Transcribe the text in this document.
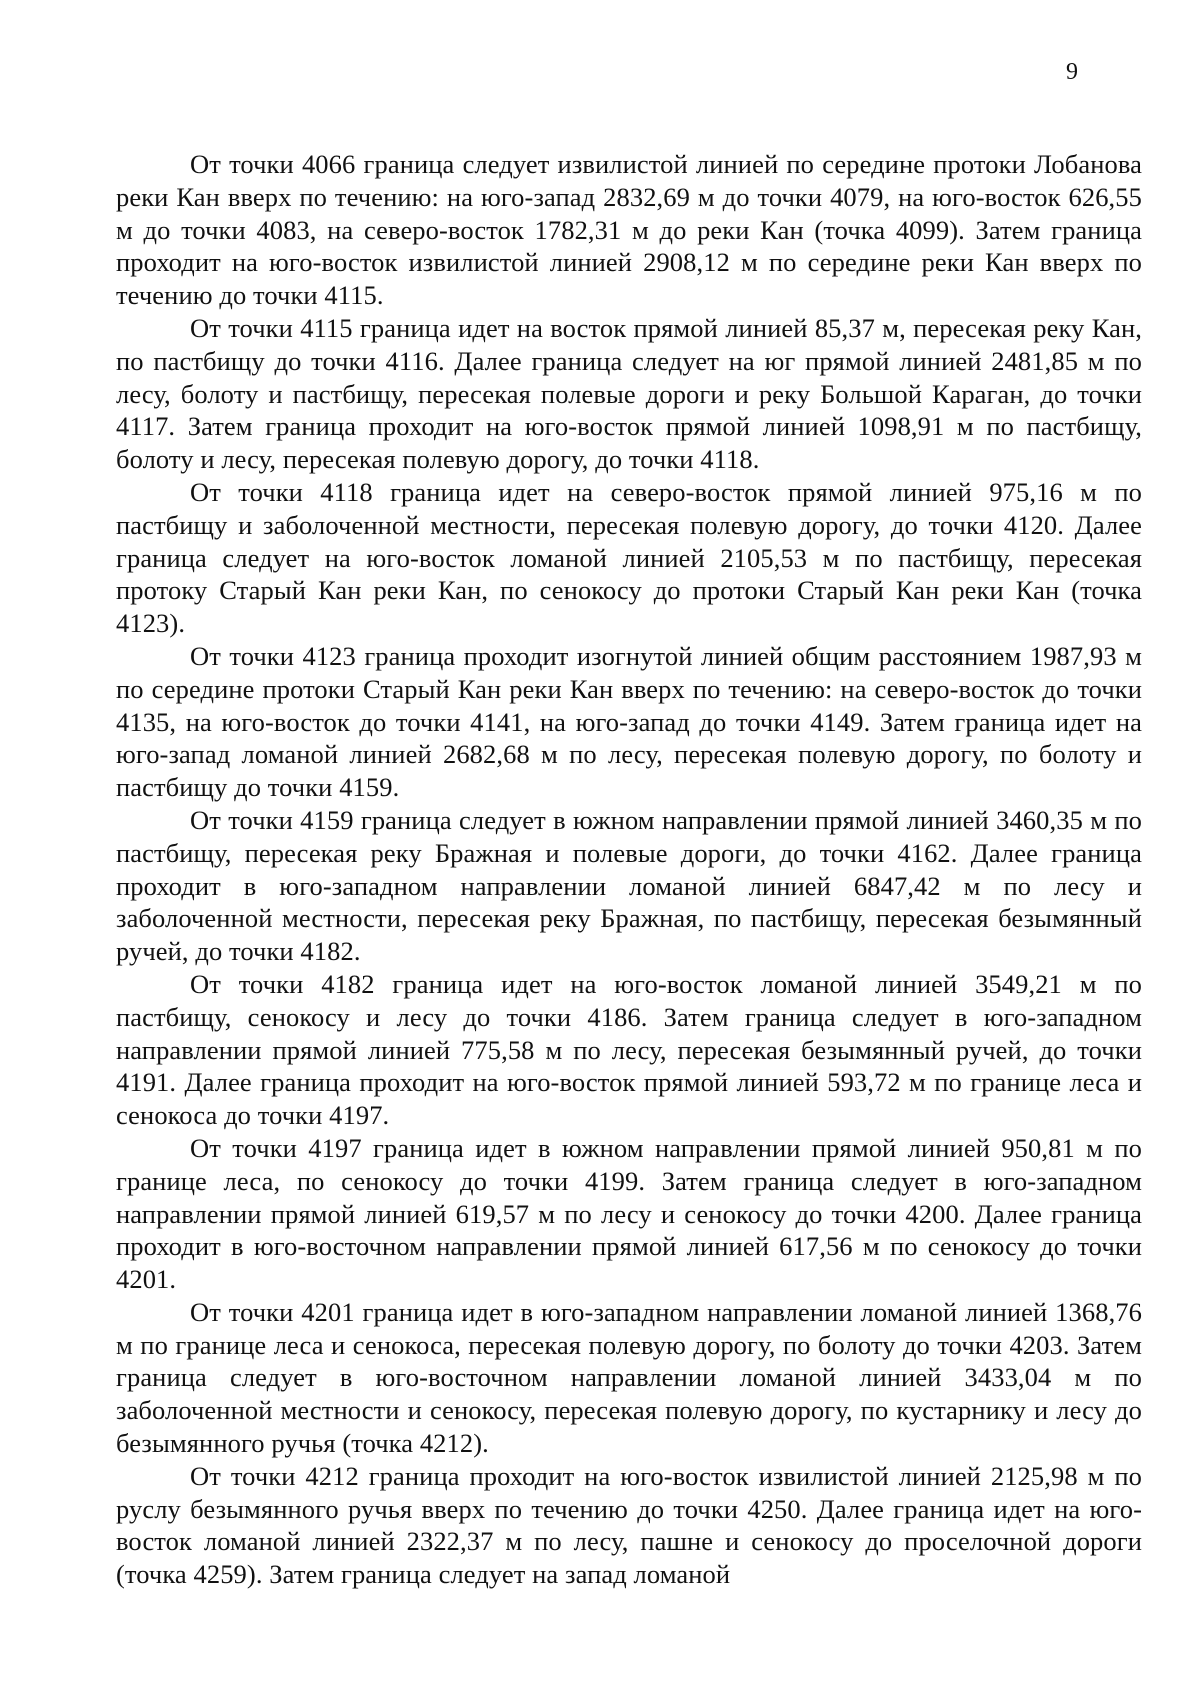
9

От точки 4066 граница следует извилистой линией по середине протоки Лобанова реки Кан вверх по течению: на юго-запад 2832,69 м до точки 4079, на юго-восток 626,55 м до точки 4083, на северо-восток 1782,31 м до реки Кан (точка 4099). Затем граница проходит на юго-восток извилистой линией 2908,12 м по середине реки Кан вверх по течению до точки 4115.

От точки 4115 граница идет на восток прямой линией 85,37 м, пересекая реку Кан, по пастбищу до точки 4116. Далее граница следует на юг прямой линией 2481,85 м по лесу, болоту и пастбищу, пересекая полевые дороги и реку Большой Караган, до точки 4117. Затем граница проходит на юго-восток прямой линией 1098,91 м по пастбищу, болоту и лесу, пересекая полевую дорогу, до точки 4118.

От точки 4118 граница идет на северо-восток прямой линией 975,16 м по пастбищу и заболоченной местности, пересекая полевую дорогу, до точки 4120. Далее граница следует на юго-восток ломаной линией 2105,53 м по пастбищу, пересекая протоку Старый Кан реки Кан, по сенокосу до протоки Старый Кан реки Кан (точка 4123).

От точки 4123 граница проходит изогнутой линией общим расстоянием 1987,93 м по середине протоки Старый Кан реки Кан вверх по течению: на северо-восток до точки 4135, на юго-восток до точки 4141, на юго-запад до точки 4149. Затем граница идет на юго-запад ломаной линией 2682,68 м по лесу, пересекая полевую дорогу, по болоту и пастбищу до точки 4159.

От точки 4159 граница следует в южном направлении прямой линией 3460,35 м по пастбищу, пересекая реку Бражная и полевые дороги, до точки 4162. Далее граница проходит в юго-западном направлении ломаной линией 6847,42 м по лесу и заболоченной местности, пересекая реку Бражная, по пастбищу, пересекая безымянный ручей, до точки 4182.

От точки 4182 граница идет на юго-восток ломаной линией 3549,21 м по пастбищу, сенокосу и лесу до точки 4186. Затем граница следует в юго-западном направлении прямой линией 775,58 м по лесу, пересекая безымянный ручей, до точки 4191. Далее граница проходит на юго-восток прямой линией 593,72 м по границе леса и сенокоса до точки 4197.

От точки 4197 граница идет в южном направлении прямой линией 950,81 м по границе леса, по сенокосу до точки 4199. Затем граница следует в юго-западном направлении прямой линией 619,57 м по лесу и сенокосу до точки 4200. Далее граница проходит в юго-восточном направлении прямой линией 617,56 м по сенокосу до точки 4201.

От точки 4201 граница идет в юго-западном направлении ломаной линией 1368,76 м по границе леса и сенокоса, пересекая полевую дорогу, по болоту до точки 4203. Затем граница следует в юго-восточном направлении ломаной линией 3433,04 м по заболоченной местности и сенокосу, пересекая полевую дорогу, по кустарнику и лесу до безымянного ручья (точка 4212).

От точки 4212 граница проходит на юго-восток извилистой линией 2125,98 м по руслу безымянного ручья вверх по течению до точки 4250. Далее граница идет на юго-восток ломаной линией 2322,37 м по лесу, пашне и сенокосу до проселочной дороги (точка 4259). Затем граница следует на запад ломаной
